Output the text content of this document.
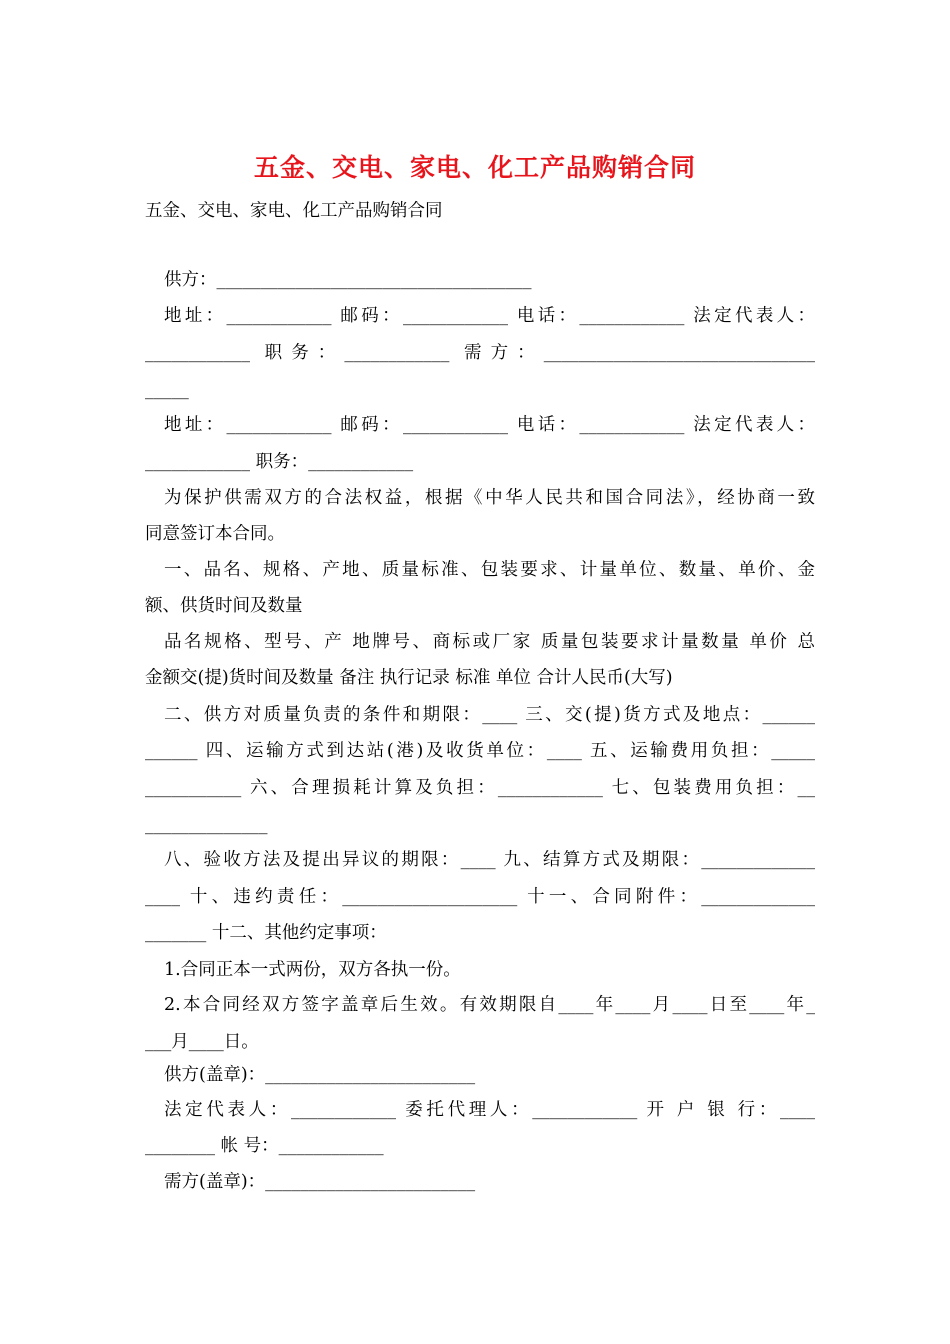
五金、交电、家电、化工产品购销合同
五金、交电、家电、化工产品购销合同
供方：____________________________________
地址：____________ 邮码：____________ 电话：____________ 法定代表人：
____________ 职务：____________ 需方：_______________________________
_____
地址：____________ 邮码：____________ 电话：____________ 法定代表人：
____________ 职务：____________
为保护供需双方的合法权益，根据《中华人民共和国合同法》，经协商一致
同意签订本合同。
一、品名、规格、产地、质量标准、包装要求、计量单位、数量、单价、金
额、供货时间及数量
品名规格、型号、产 地牌号、商标或厂家 质量包装要求计量数量 单价 总
金额交(提)货时间及数量 备注 执行记录 标准 单位 合计人民币(大写)
二、供方对质量负责的条件和期限：____ 三、交(提)货方式及地点：______
______ 四、运输方式到达站(港)及收货单位：____ 五、运输费用负担：_____
___________ 六、合理损耗计算及负担：____________ 七、包装费用负担：__
______________
八、验收方法及提出异议的期限：____ 九、结算方式及期限：_____________
____ 十、违约责任：____________________ 十一、合同附件：_____________
_______ 十二、其他约定事项：
1.合同正本一式两份，双方各执一份。
2.本合同经双方签字盖章后生效。有效期限自____年____月____日至____年_
___月____日。
供方(盖章)：________________________
法定代表人：____________ 委托代理人：____________ 开 户 银 行：____
________ 帐 号：____________
需方(盖章)：________________________
